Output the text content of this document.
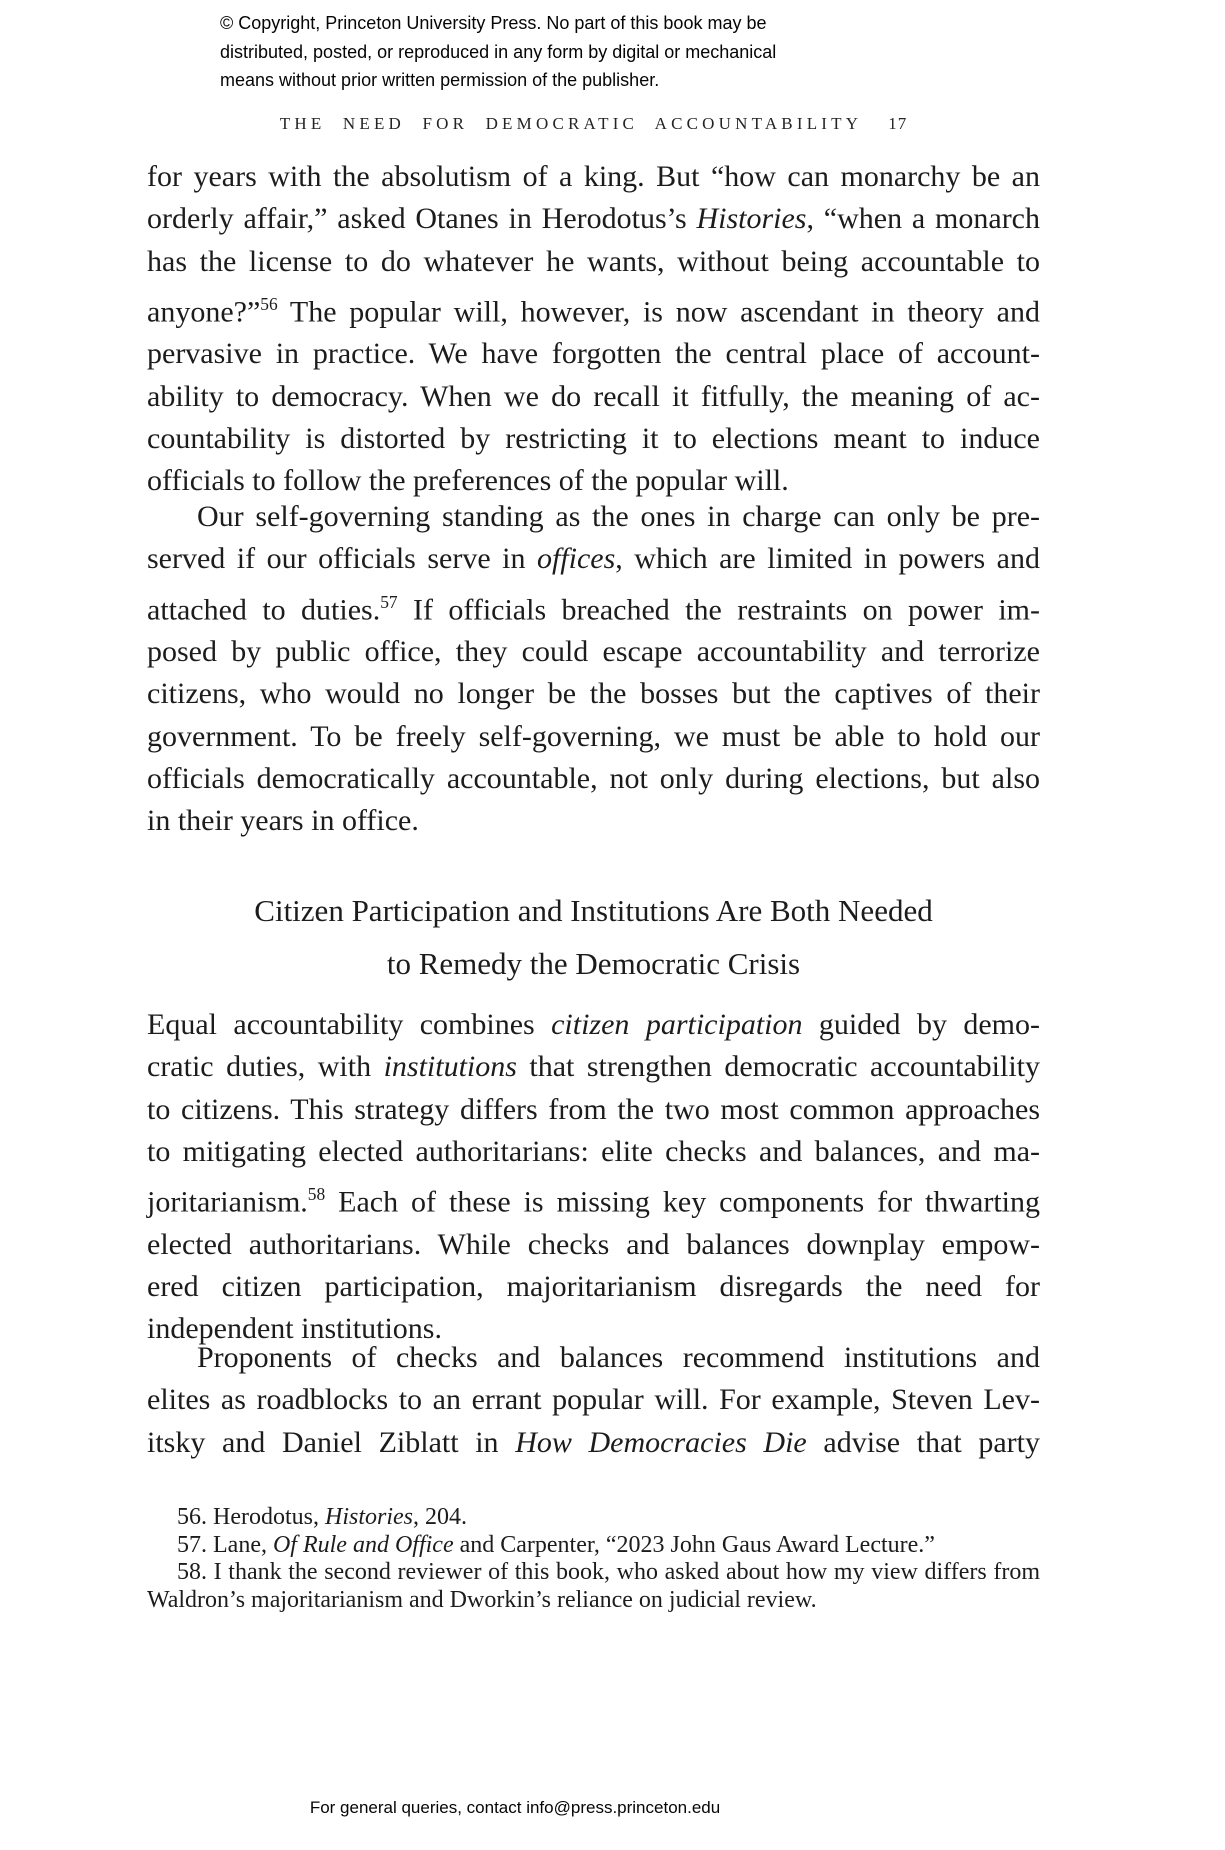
© Copyright, Princeton University Press. No part of this book may be
distributed, posted, or reproduced in any form by digital or mechanical
means without prior written permission of the publisher.
THE NEED FOR DEMOCRATIC ACCOUNTABILITY 17
for years with the absolutism of a king. But “how can monarchy be an
orderly affair,” asked Otanes in Herodotus’s Histories, “when a monarch
has the license to do whatever he wants, without being accountable to
anyone?”$^{56}$ The popular will, however, is now ascendant in theory and
pervasive in practice. We have forgotten the central place of account-
ability to democracy. When we do recall it fitfully, the meaning of ac-
countability is distorted by restricting it to elections meant to induce
officials to follow the preferences of the popular will.
Our self-governing standing as the ones in charge can only be pre-
served if our officials serve in offices, which are limited in powers and
attached to duties.$^{57}$ If officials breached the restraints on power im-
posed by public office, they could escape accountability and terrorize
citizens, who would no longer be the bosses but the captives of their
government. To be freely self-governing, we must be able to hold our
officials democratically accountable, not only during elections, but also
in their years in office.
Citizen Participation and Institutions Are Both Needed
to Remedy the Democratic Crisis
Equal accountability combines citizen participation guided by demo-
cratic duties, with institutions that strengthen democratic accountability
to citizens. This strategy differs from the two most common approaches
to mitigating elected authoritarians: elite checks and balances, and ma-
joritarianism.$^{58}$ Each of these is missing key components for thwarting
elected authoritarians. While checks and balances downplay empow-
ered citizen participation, majoritarianism disregards the need for
independent institutions.
Proponents of checks and balances recommend institutions and
elites as roadblocks to an errant popular will. For example, Steven Lev-
itsky and Daniel Ziblatt in How Democracies Die advise that party
56. Herodotus, Histories, 204.
57. Lane, Of Rule and Office and Carpenter, “2023 John Gaus Award Lecture.”
58. I thank the second reviewer of this book, who asked about how my view differs from
Waldron’s majoritarianism and Dworkin’s reliance on judicial review.
For general queries, contact info@press.princeton.edu
